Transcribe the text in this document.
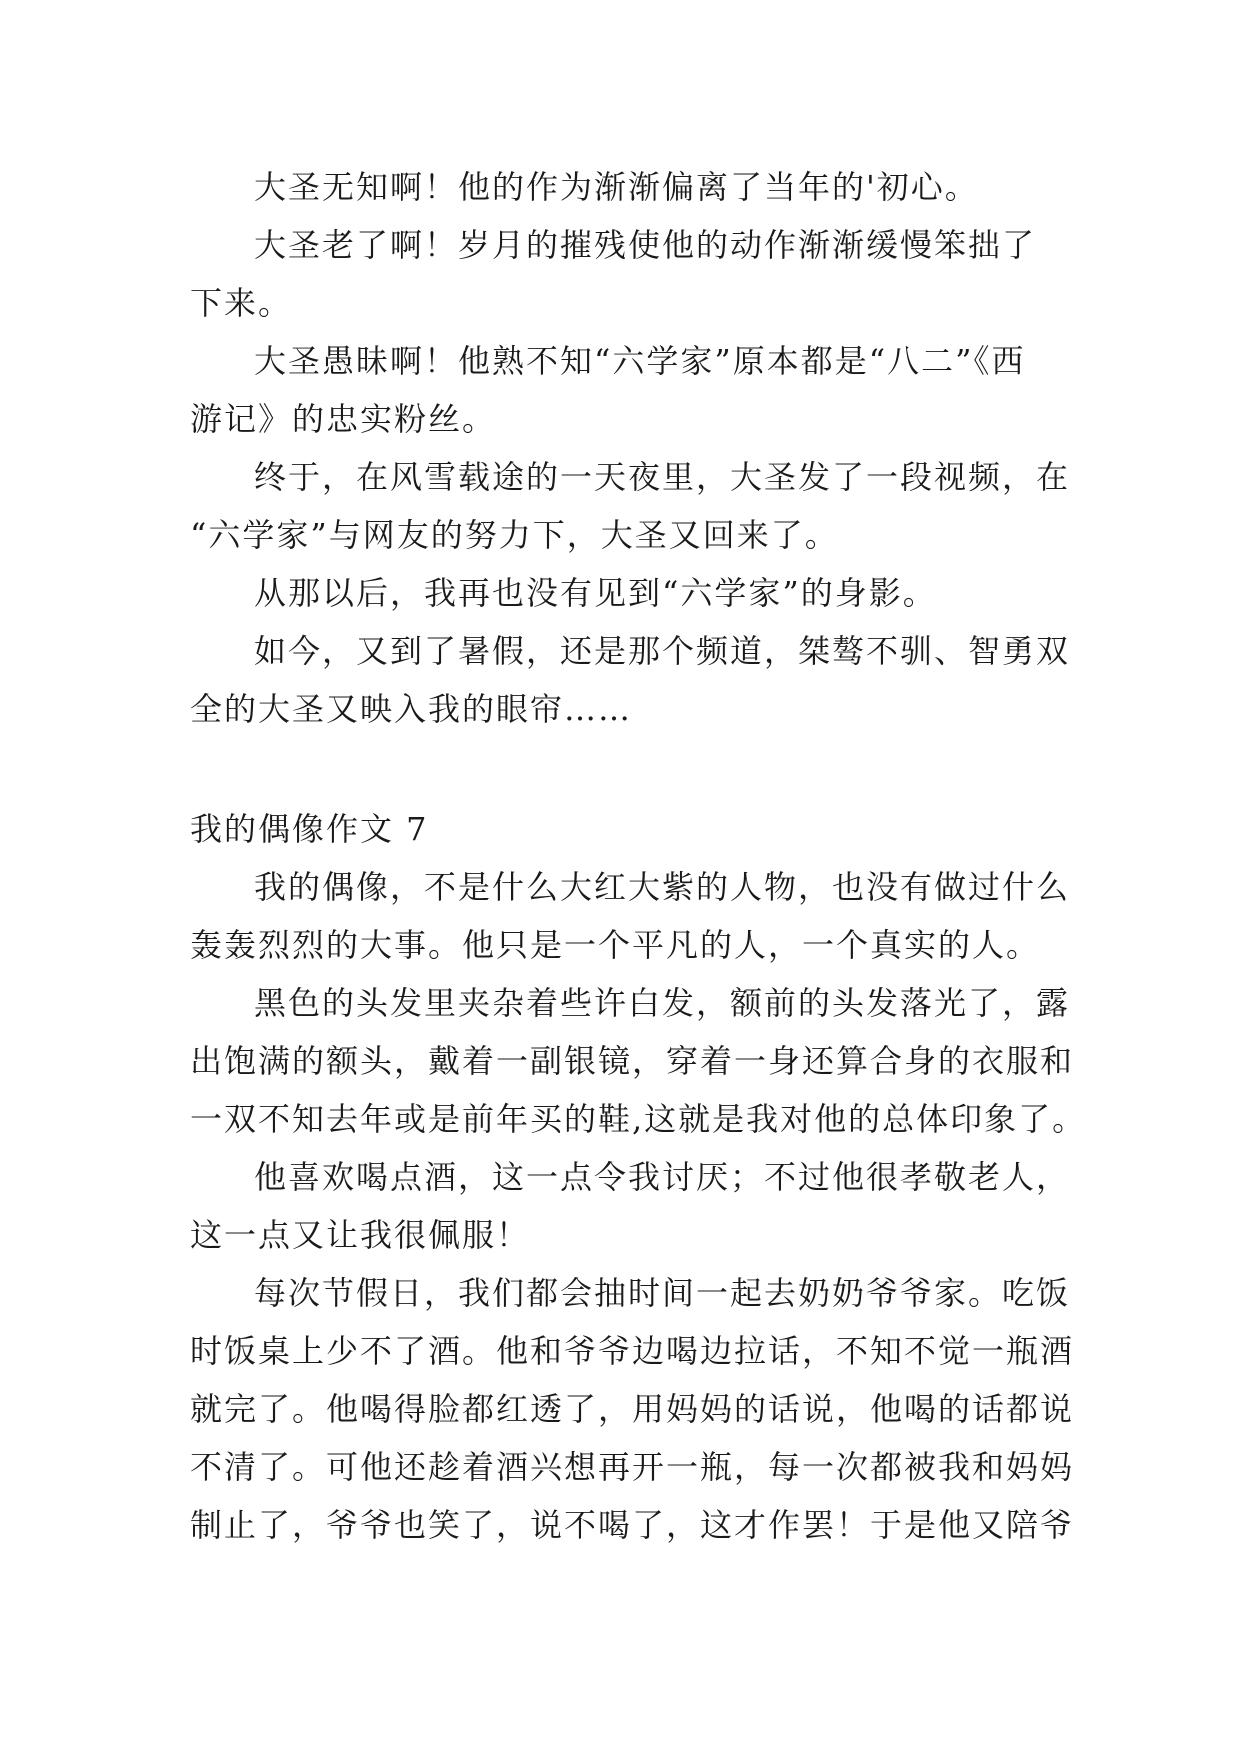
大圣无知啊！他的作为渐渐偏离了当年的'初心。
大圣老了啊！岁月的摧残使他的动作渐渐缓慢笨拙了
下来。
大圣愚昧啊！他熟不知“六学家”原本都是“八二”《西
游记》的忠实粉丝。
终于，在风雪载途的一天夜里，大圣发了一段视频，在
“六学家”与网友的努力下，大圣又回来了。
从那以后，我再也没有见到“六学家”的身影。
如今，又到了暑假，还是那个频道，桀骜不驯、智勇双
全的大圣又映入我的眼帘……
我的偶像作文 7
我的偶像，不是什么大红大紫的人物，也没有做过什么
轰轰烈烈的大事。他只是一个平凡的人，一个真实的人。
黑色的头发里夹杂着些许白发，额前的头发落光了，露
出饱满的额头，戴着一副银镜，穿着一身还算合身的衣服和
一双不知去年或是前年买的鞋,这就是我对他的总体印象了。
他喜欢喝点酒，这一点令我讨厌；不过他很孝敬老人，
这一点又让我很佩服！
每次节假日，我们都会抽时间一起去奶奶爷爷家。吃饭
时饭桌上少不了酒。他和爷爷边喝边拉话，不知不觉一瓶酒
就完了。他喝得脸都红透了，用妈妈的话说，他喝的话都说
不清了。可他还趁着酒兴想再开一瓶，每一次都被我和妈妈
制止了，爷爷也笑了，说不喝了，这才作罢！于是他又陪爷
